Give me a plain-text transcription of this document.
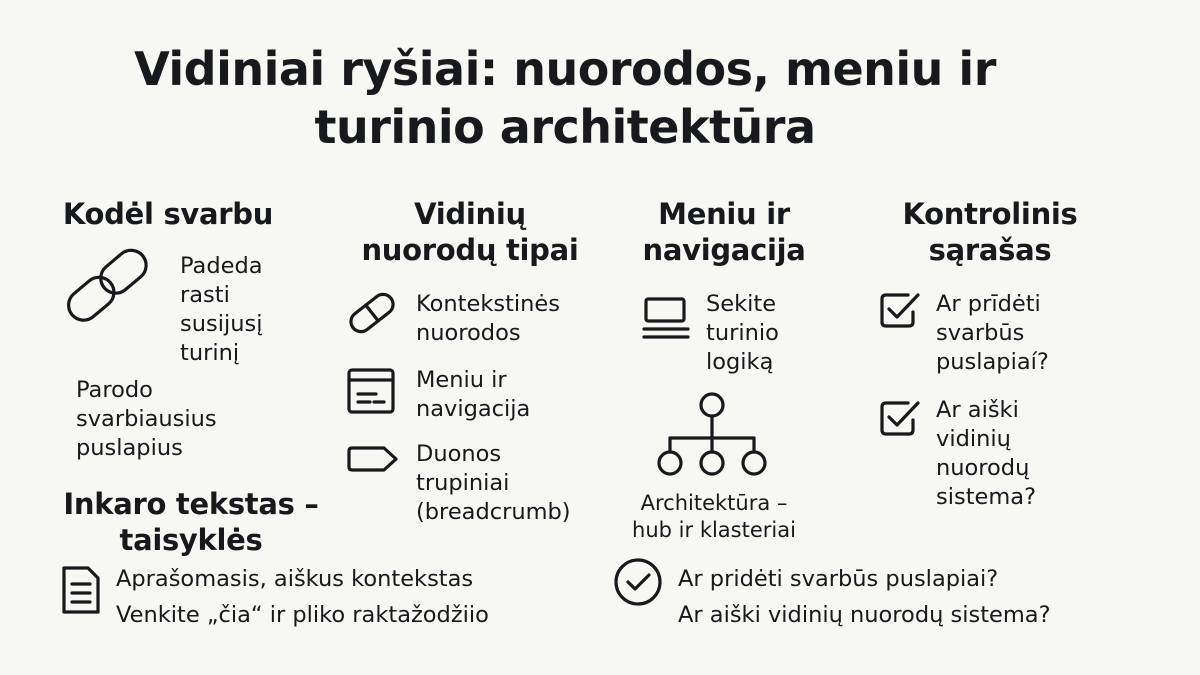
Vidiniai ryšiai: nuorodos, meniu ir
turinio architektūra
Kodėl svarbu
Padeda
rasti
susijusį
turinį
Parodo
svarbiausius
puslapius
Inkaro tekstas –
taisyklės
Aprašomasis, aiškus kontekstas
Venkite „čia“ ir pliko raktažodžiio
Vidinių
nuorodų tipai
Kontekstinės
nuorodos
Meniu ir
navigacija
Duonos
trupiniai
(breadcrumb)
Meniu ir
navigacija
Sekite
turinio
logiką
Architektūra –
hub ir klasteriai
Kontrolinis
sąrašas
Ar prīdėti
svarbūs
puslapiaí?
Ar aiški
vidinių
nuorodų
sistema?
Ar pridėti svarbūs puslapiai?
Ar aiški vidinių nuorodų sistema?
